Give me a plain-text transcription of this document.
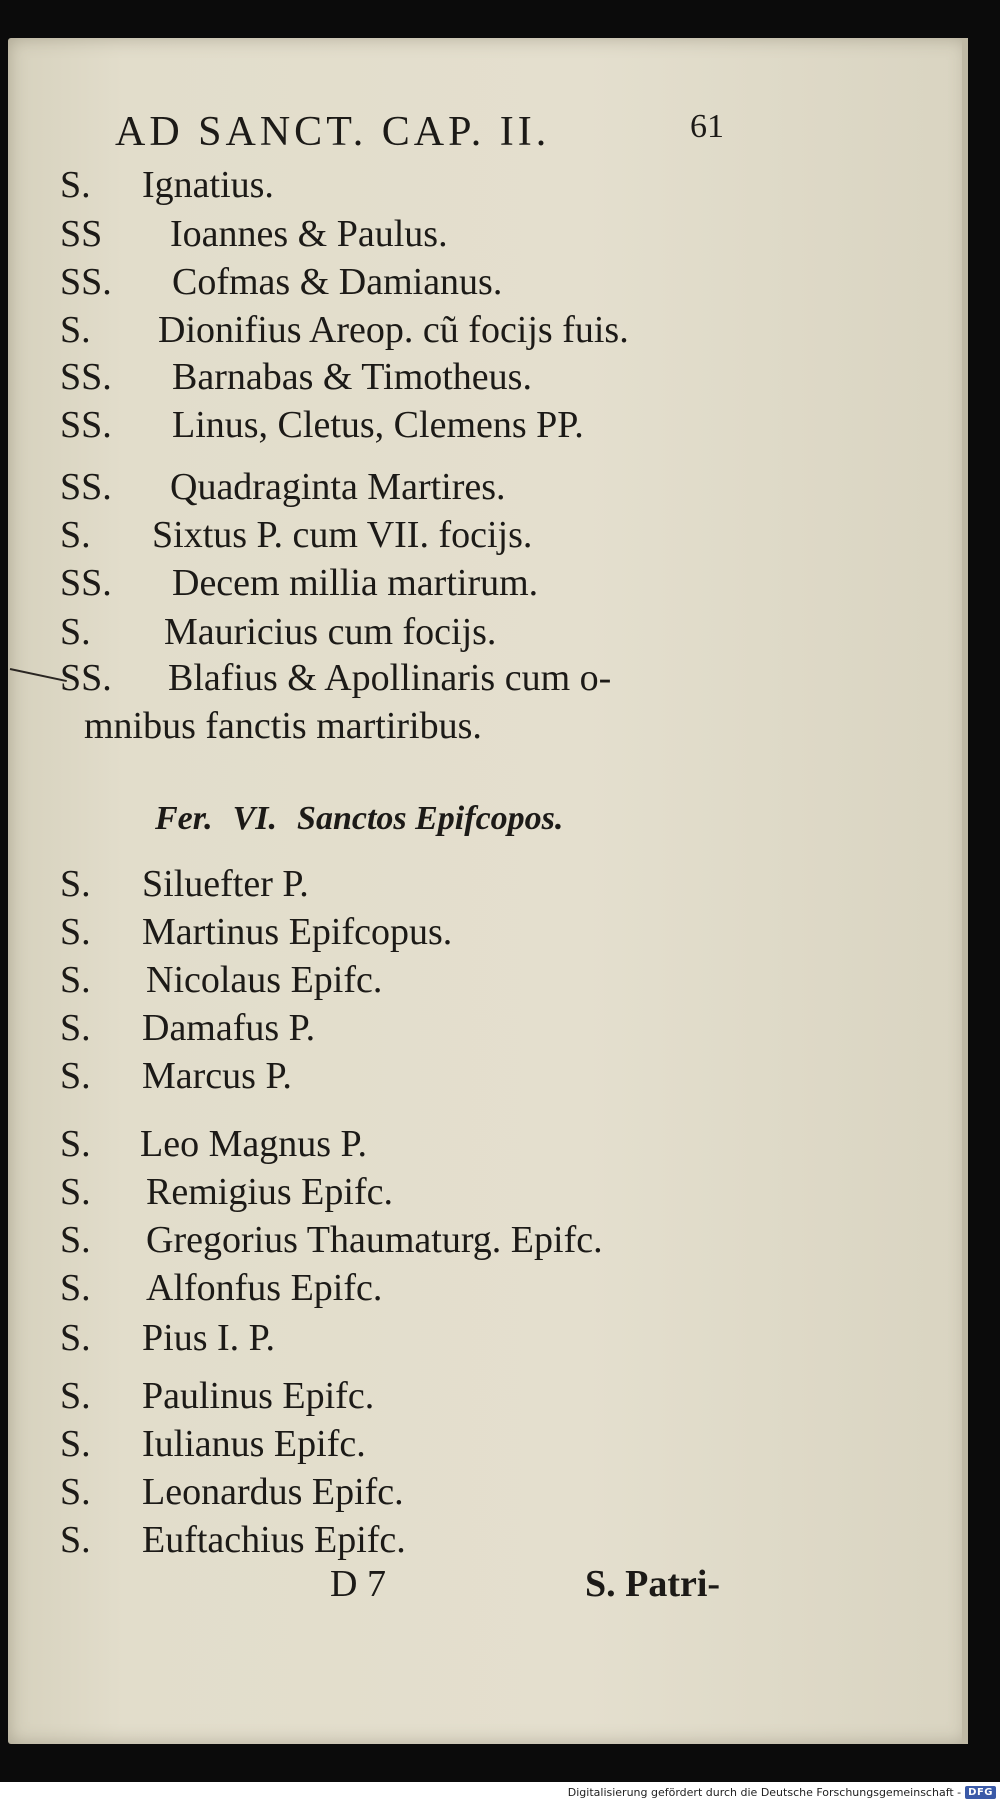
AD SANCT. CAP. II.	61
S. Ignatius.
SS Ioannes & Paulus.
SS. Cofmas & Damianus.
S. Dionifius Areop. cũ focijs fuis.
SS. Barnabas & Timotheus.
SS. Linus, Cletus, Clemens PP.
SS. Quadraginta Martires.
S. Sixtus P. cum VII. focijs.
SS. Decem millia martirum.
S. Mauricius cum focijs.
SS. Blafius & Apollinaris cum o-
mnibus fanctis martiribus.
Fer. VI. Sanctos Epifcopos.
S. Siluefter P.
S. Martinus Epifcopus.
S. Nicolaus Epifc.
S. Damafus P.
S. Marcus P.
S. Leo Magnus P.
S. Remigius Epifc.
S. Gregorius Thaumaturg. Epifc.
S. Alfonfus Epifc.
S. Pius I. P.
S. Paulinus Epifc.
S. Iulianus Epifc.
S. Leonardus Epifc.
S. Euftachius Epifc.
D 7	S. Patri-
Digitalisierung gefördert durch die Deutsche Forschungsgemeinschaft - DFG
